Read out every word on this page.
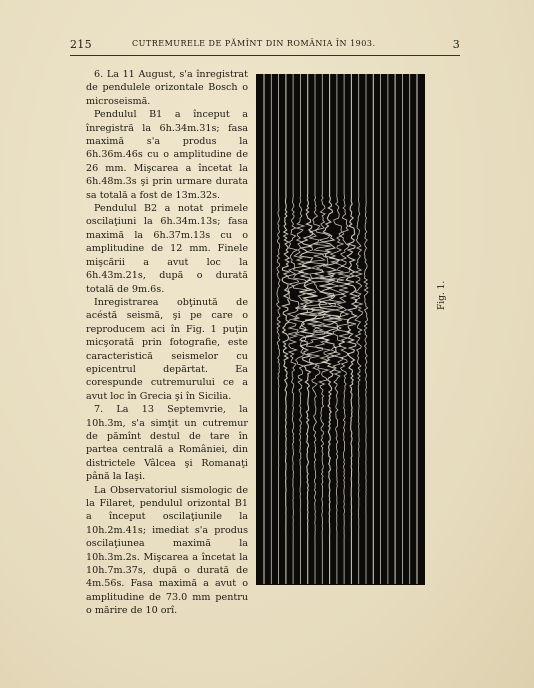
215	CUTREMURELE DE PĂMÎNT DIN ROMÂNIA ÎN 1903.	3

6. La 11 August, s'a înregistrat de pendulele orizontale Bosch o microseismă.

Pendulul B1 a început a înregistră la 6h.34m.31s; fasa maximă s'a produs la 6h.36m.46s cu o amplitudine de 26 mm. Mişcarea a încetat la 6h.48m.3s şi prin urmare durata sa totală a fost de 13m.32s.

Pendulul B2 a notat primele oscilaţiuni la 6h.34m.13s; fasa maximă la 6h.37m.13s cu o amplitudine de 12 mm. Finele mişcării a avut loc la 6h.43m.21s, după o durată totală de 9m.6s.

Inregistrarea obţinută de acéstă seismă, şi pe care o reproducem aci în Fig. 1 puţin micşorată prin fotografie, este caracteristică seismelor cu epicentrul depărtat. Ea corespunde cutremurului ce a avut loc în Grecia şi în Sicilia.

7. La 13 Septemvrie, la 10h.3m, s'a simţit un cutremur de pămînt destul de tare în partea centrală a României, din districtele Vâlcea şi Romanaţi până la Iaşi.

La Observatoriul sismologic de la Filaret, pendulul orizontal B1 a început oscilaţiunile la 10h.2m.41s; imediat s'a produs oscilaţiunea maximă la 10h.3m.2s. Mişcarea a încetat la 10h.7m.37s, după o durată de 4m.56s. Fasa maximă a avut o amplitudine de 73.0 mm pentru o mărire de 10 orî.

Fig. 1.
